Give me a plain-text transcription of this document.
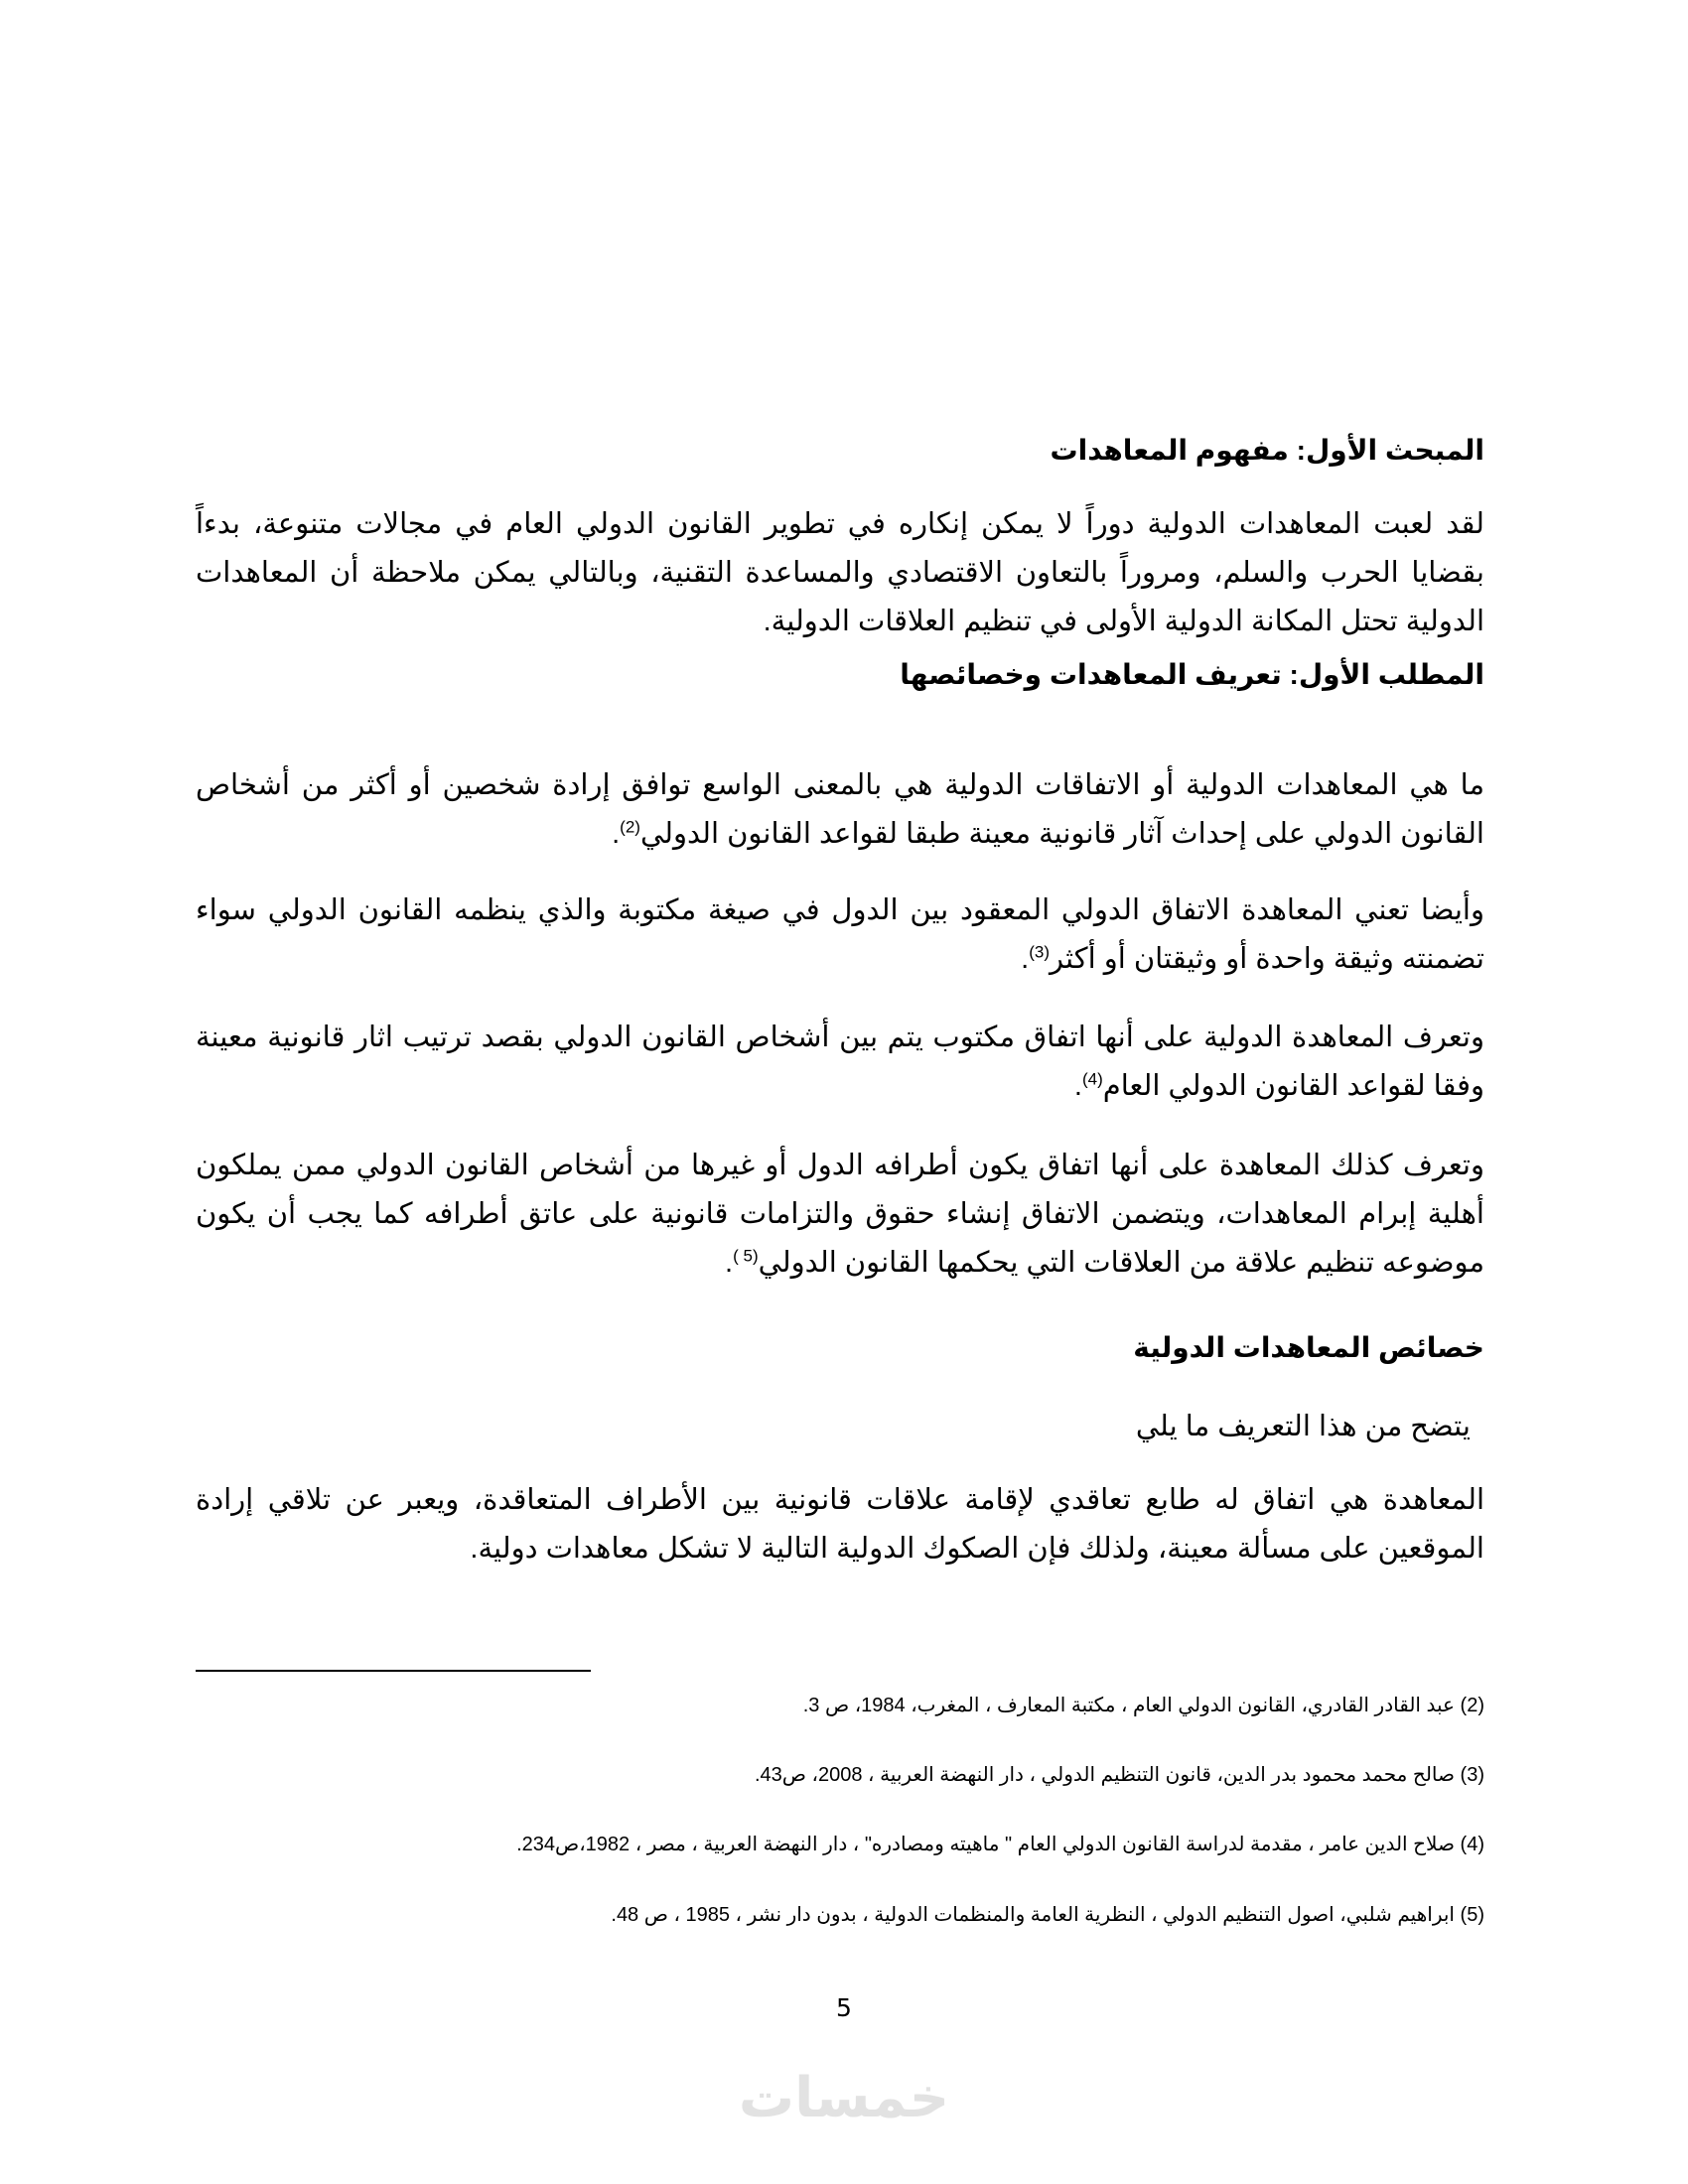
المبحث الأول: مفهوم المعاهدات
لقد لعبت المعاهدات الدولية دوراً لا يمكن إنكاره في تطوير القانون الدولي العام في مجالات متنوعة، بدءاً بقضايا الحرب والسلم، ومروراً بالتعاون الاقتصادي والمساعدة التقنية، وبالتالي يمكن ملاحظة أن المعاهدات الدولية تحتل المكانة الدولية الأولى في تنظيم العلاقات الدولية.
المطلب الأول: تعريف المعاهدات وخصائصها
ما هي المعاهدات الدولية أو الاتفاقات الدولية هي بالمعنى الواسع توافق إرادة شخصين أو أكثر من أشخاص القانون الدولي على إحداث آثار قانونية معينة طبقا لقواعد القانون الدولي$^{(2)}$.
وأيضا تعني المعاهدة الاتفاق الدولي المعقود بين الدول في صيغة مكتوبة والذي ينظمه القانون الدولي سواء تضمنته وثيقة واحدة أو وثيقتان أو أكثر$^{(3)}$.
وتعرف المعاهدة الدولية على أنها اتفاق مكتوب يتم بين أشخاص القانون الدولي بقصد ترتيب اثار قانونية معينة وفقا لقواعد القانون الدولي العام$^{(4)}$.
وتعرف كذلك المعاهدة على أنها اتفاق يكون أطرافه الدول أو غيرها من أشخاص القانون الدولي ممن يملكون أهلية إبرام المعاهدات، ويتضمن الاتفاق إنشاء حقوق والتزامات قانونية على عاتق أطرافه كما يجب أن يكون موضوعه تنظيم علاقة من العلاقات التي يحكمها القانون الدولي$^{(5 )}$.
خصائص المعاهدات الدولية
يتضح من هذا التعريف ما يلي
المعاهدة هي اتفاق له طابع تعاقدي لإقامة علاقات قانونية بين الأطراف المتعاقدة، ويعبر عن تلاقي إرادة الموقعين على مسألة معينة، ولذلك فإن الصكوك الدولية التالية لا تشكل معاهدات دولية.
(2) عبد القادر القادري، القانون الدولي العام ، مكتبة المعارف ، المغرب، 1984، ص 3.
(3) صالح محمد محمود بدر الدين، قانون التنظيم الدولي ، دار النهضة العربية ، 2008، ص43.
(4) صلاح الدين عامر ، مقدمة لدراسة القانون الدولي العام " ماهيته ومصادره" ، دار النهضة العربية ، مصر ، 1982،ص234.
(5) ابراهيم شلبي، اصول التنظيم الدولي ، النظرية العامة والمنظمات الدولية ، بدون دار نشر ، 1985 ، ص 48.
5
خمسات
